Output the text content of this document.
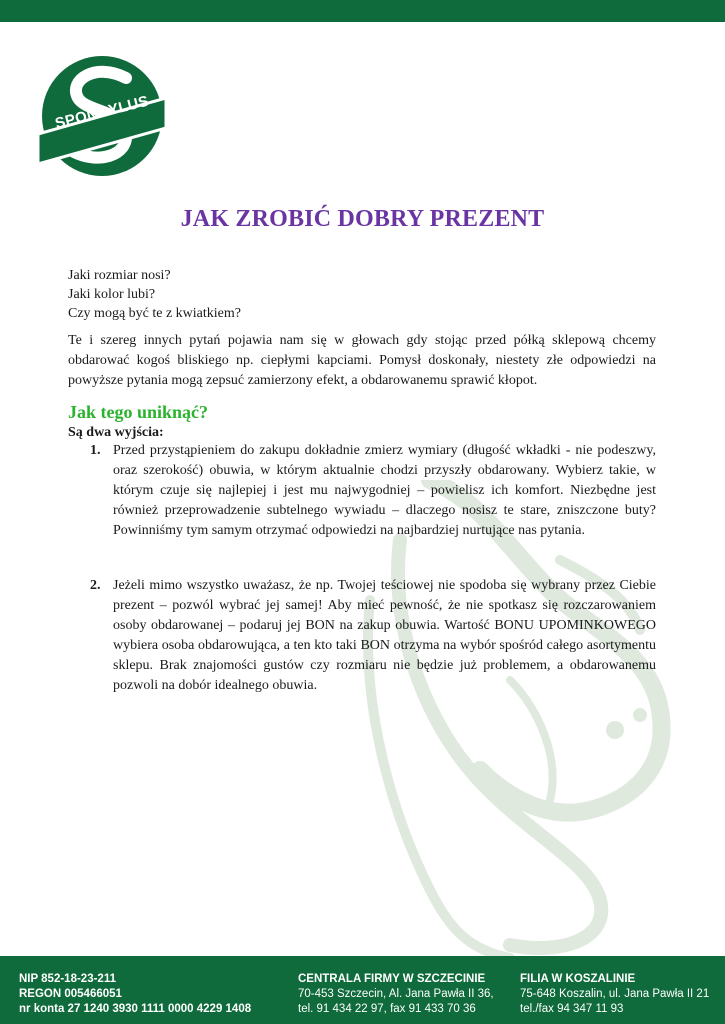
SPONDYLUS
JAK ZROBIĆ DOBRY PREZENT
Jaki rozmiar nosi?
Jaki kolor lubi?
Czy mogą być te z kwiatkiem?
Te i szereg innych pytań pojawia nam się w głowach gdy stojąc przed półką sklepową chcemy obdarować kogoś bliskiego np. ciepłymi kapciami. Pomysł doskonały, niestety złe odpowiedzi na powyższe pytania mogą zepsuć zamierzony efekt, a obdarowanemu sprawić kłopot.
Jak tego uniknąć?
Są dwa wyjścia:
1. Przed przystąpieniem do zakupu dokładnie zmierz wymiary (długość wkładki - nie podeszwy, oraz szerokość) obuwia, w którym aktualnie chodzi przyszły obdarowany. Wybierz takie, w którym czuje się najlepiej i jest mu najwygodniej – powielisz ich komfort. Niezbędne jest również przeprowadzenie subtelnego wywiadu – dlaczego nosisz te stare, zniszczone buty? Powinniśmy tym samym otrzymać odpowiedzi na najbardziej nurtujące nas pytania.
2. Jeżeli mimo wszystko uważasz, że np. Twojej teściowej nie spodoba się wybrany przez Ciebie prezent – pozwól wybrać jej samej! Aby mieć pewność, że nie spotkasz się rozczarowaniem osoby obdarowanej – podaruj jej BON na zakup obuwia. Wartość BONU UPOMINKOWEGO wybiera osoba obdarowująca, a ten kto taki BON otrzyma na wybór spośród całego asortymentu sklepu. Brak znajomości gustów czy rozmiaru nie będzie już problemem, a obdarowanemu pozwoli na dobór idealnego obuwia.
NIP 852-18-23-211
REGON 005466051
nr konta 27 1240 3930 1111 0000 4229 1408
CENTRALA FIRMY W SZCZECINIE
70-453 Szczecin, Al. Jana Pawła II 36,
tel. 91 434 22 97, fax 91 433 70 36
FILIA W KOSZALINIE
75-648 Koszalin, ul. Jana Pawła II 21
tel./fax 94 347 11 93
